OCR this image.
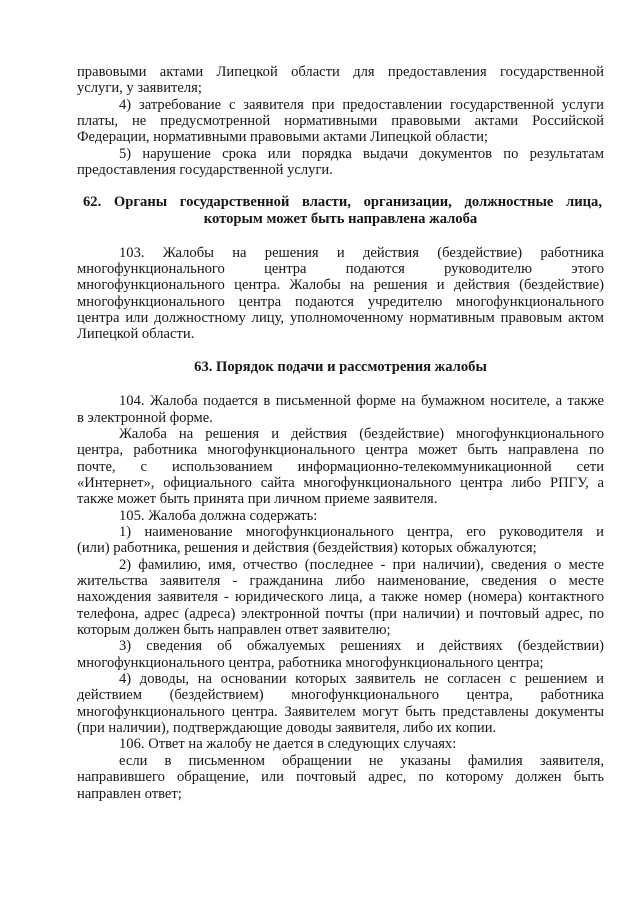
правовыми актами Липецкой области для предоставления государственной

услуги, у заявителя;

4) затребование с заявителя при предоставлении государственной услуги

платы, не предусмотренной нормативными правовыми актами Российской

Федерации, нормативными правовыми актами Липецкой области;

5) нарушение срока или порядка выдачи документов по результатам

предоставления государственной услуги.

62. Органы государственной власти, организации, должностные лица,

которым может быть направлена жалоба

103. Жалобы на решения и действия (бездействие) работника

многофункционального центра подаются руководителю этого

многофункционального центра. Жалобы на решения и действия (бездействие)

многофункционального центра подаются учредителю многофункционального

центра или должностному лицу, уполномоченному нормативным правовым актом

Липецкой области.

63. Порядок подачи и рассмотрения жалобы

104. Жалоба подается в письменной форме на бумажном носителе, а также

в электронной форме.

Жалоба на решения и действия (бездействие) многофункционального

центра, работника многофункционального центра может быть направлена по

почте, с использованием информационно-телекоммуникационной сети

«Интернет», официального сайта многофункционального центра либо РПГУ, а

также может быть принята при личном приеме заявителя.

105. Жалоба должна содержать:

1) наименование многофункционального центра, его руководителя и

(или) работника, решения и действия (бездействия) которых обжалуются;

2) фамилию, имя, отчество (последнее - при наличии), сведения о месте

жительства заявителя - гражданина либо наименование, сведения о месте

нахождения заявителя - юридического лица, а также номер (номера) контактного

телефона, адрес (адреса) электронной почты (при наличии) и почтовый адрес, по

которым должен быть направлен ответ заявителю;

3) сведения об обжалуемых решениях и действиях (бездействии)

многофункционального центра, работника многофункционального центра;

4) доводы, на основании которых заявитель не согласен с решением и

действием (бездействием) многофункционального центра, работника

многофункционального центра. Заявителем могут быть представлены документы

(при наличии), подтверждающие доводы заявителя, либо их копии.

106. Ответ на жалобу не дается в следующих случаях:

если в письменном обращении не указаны фамилия заявителя,

направившего обращение, или почтовый адрес, по которому должен быть

направлен ответ;
